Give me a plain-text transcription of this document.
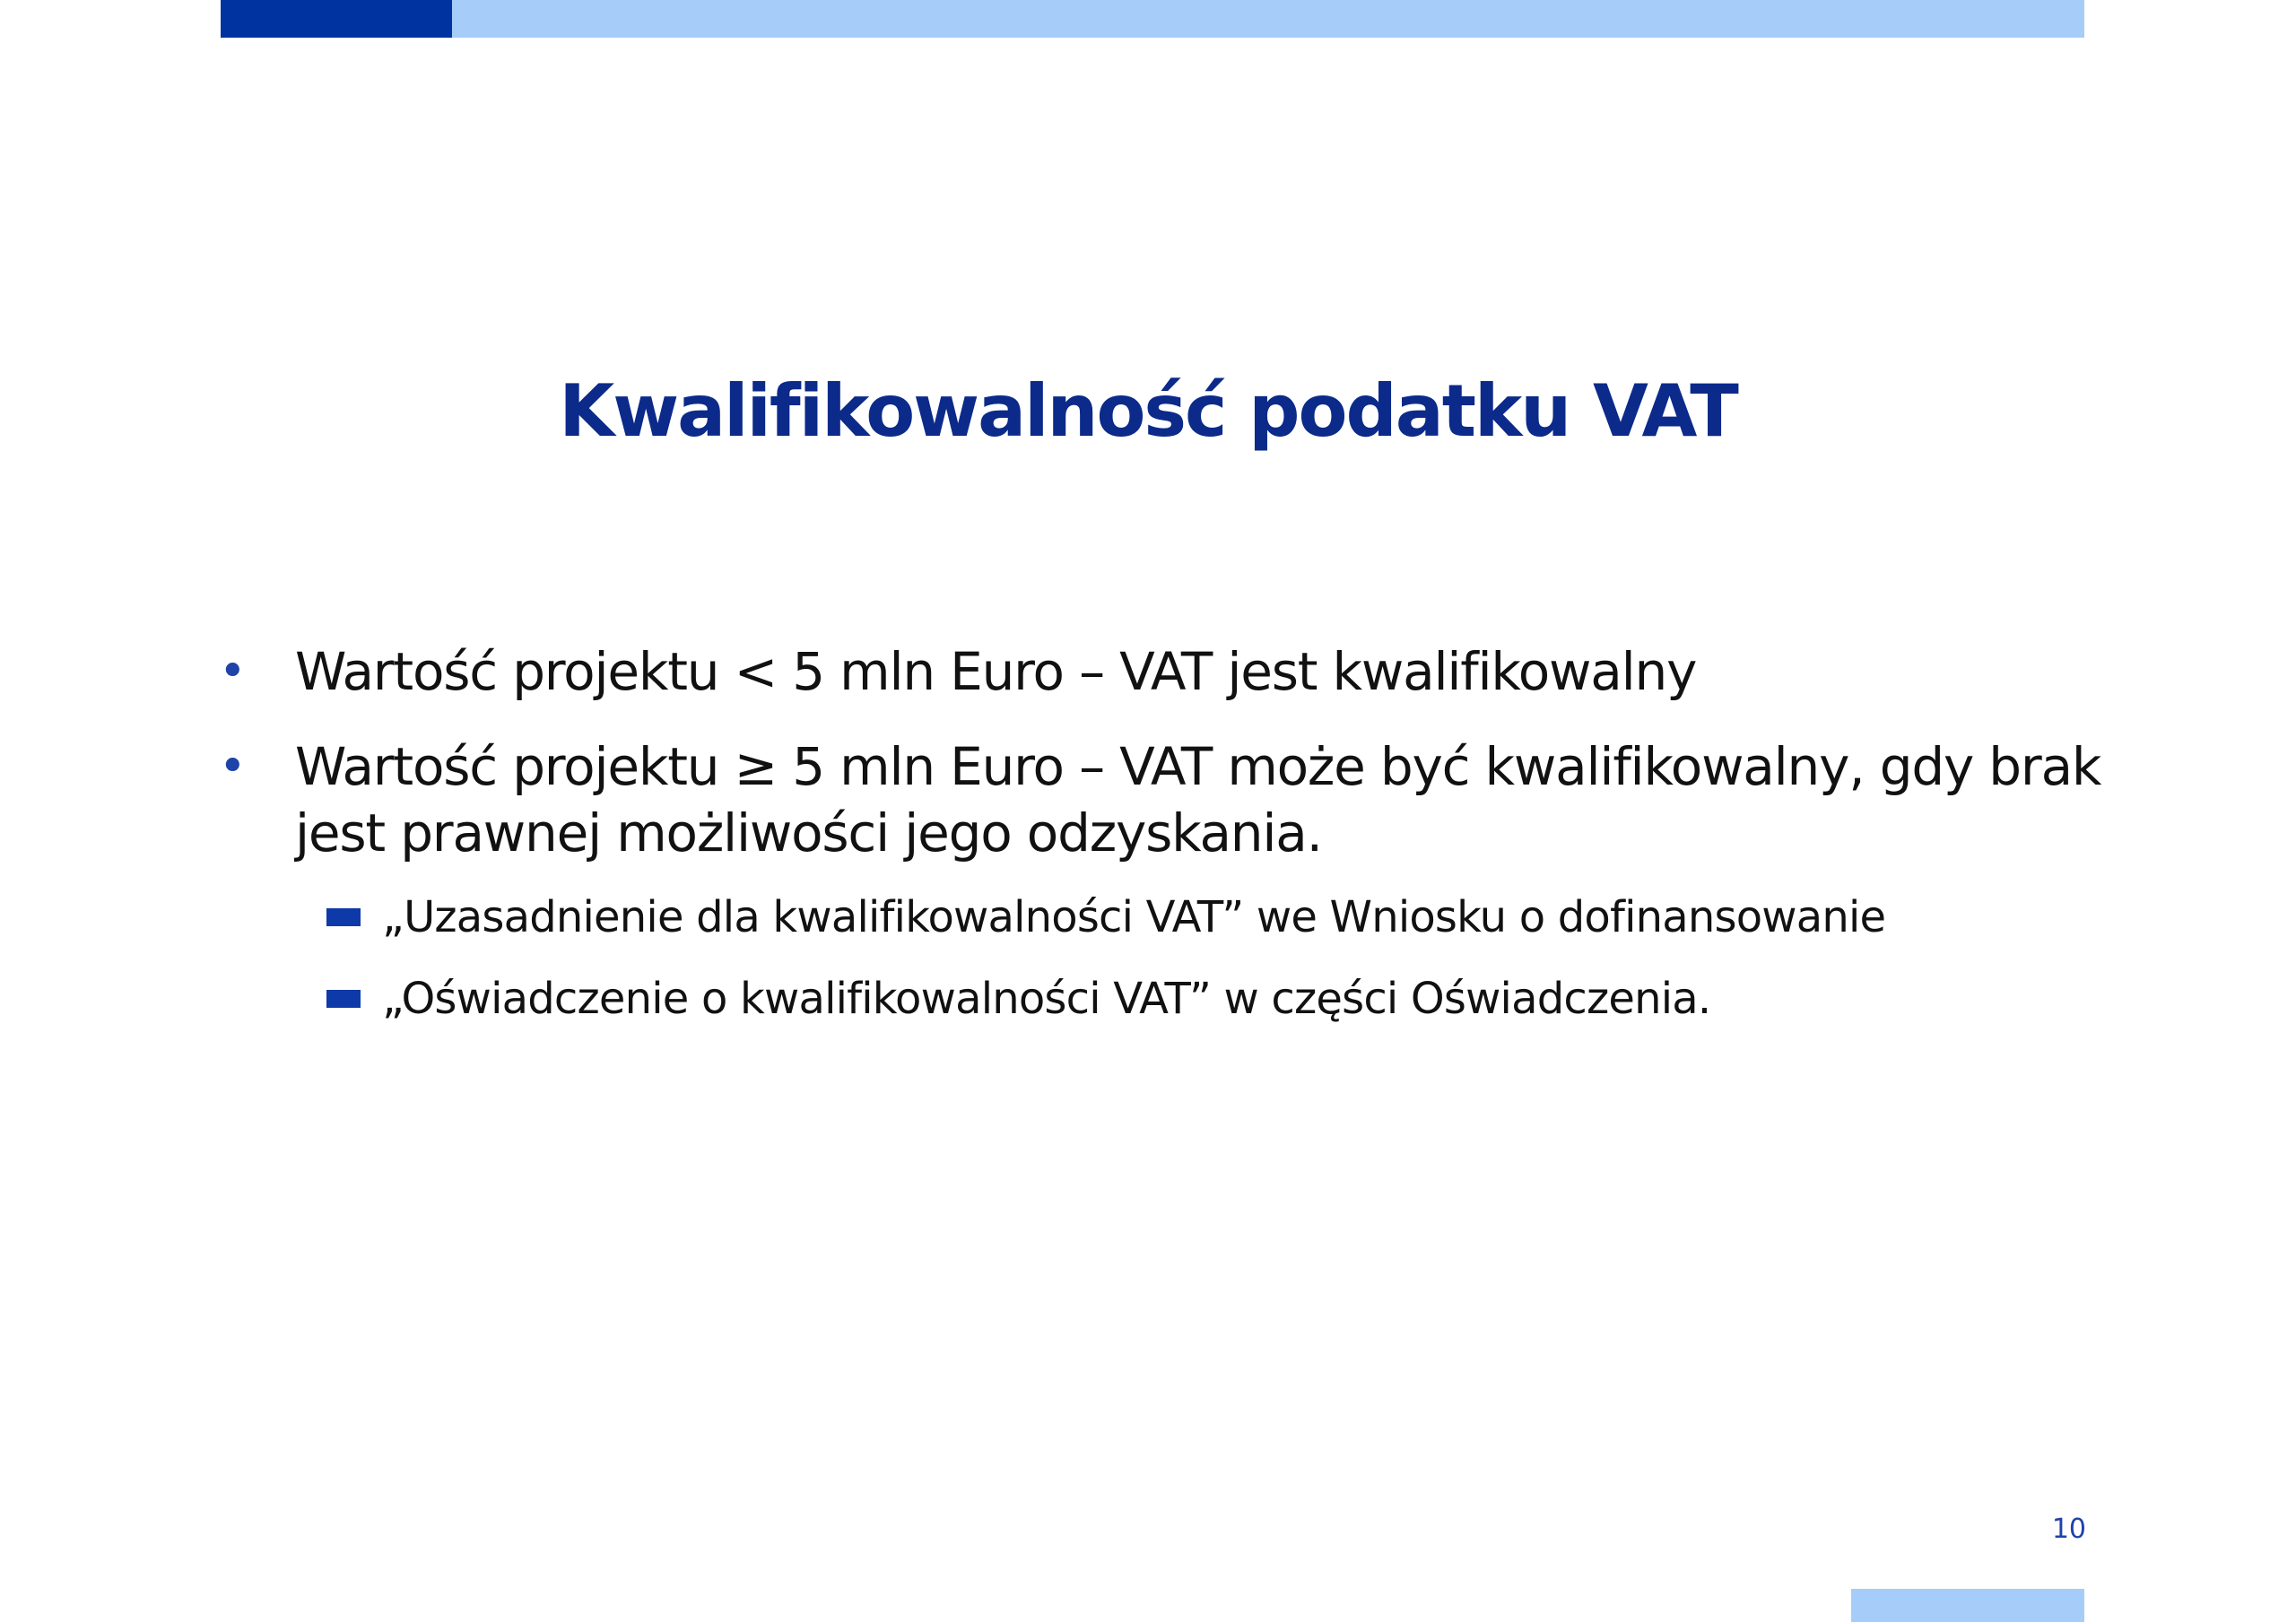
Kwalifikowalność podatku VAT
• Wartość projektu < 5 mln Euro – VAT jest kwalifikowalny
• Wartość projektu ≥ 5 mln Euro – VAT może być kwalifikowalny, gdy brak jest prawnej możliwości jego odzyskania.
„Uzasadnienie dla kwalifikowalności VAT” we Wniosku o dofinansowanie
„Oświadczenie o kwalifikowalności VAT” w części Oświadczenia.
10
